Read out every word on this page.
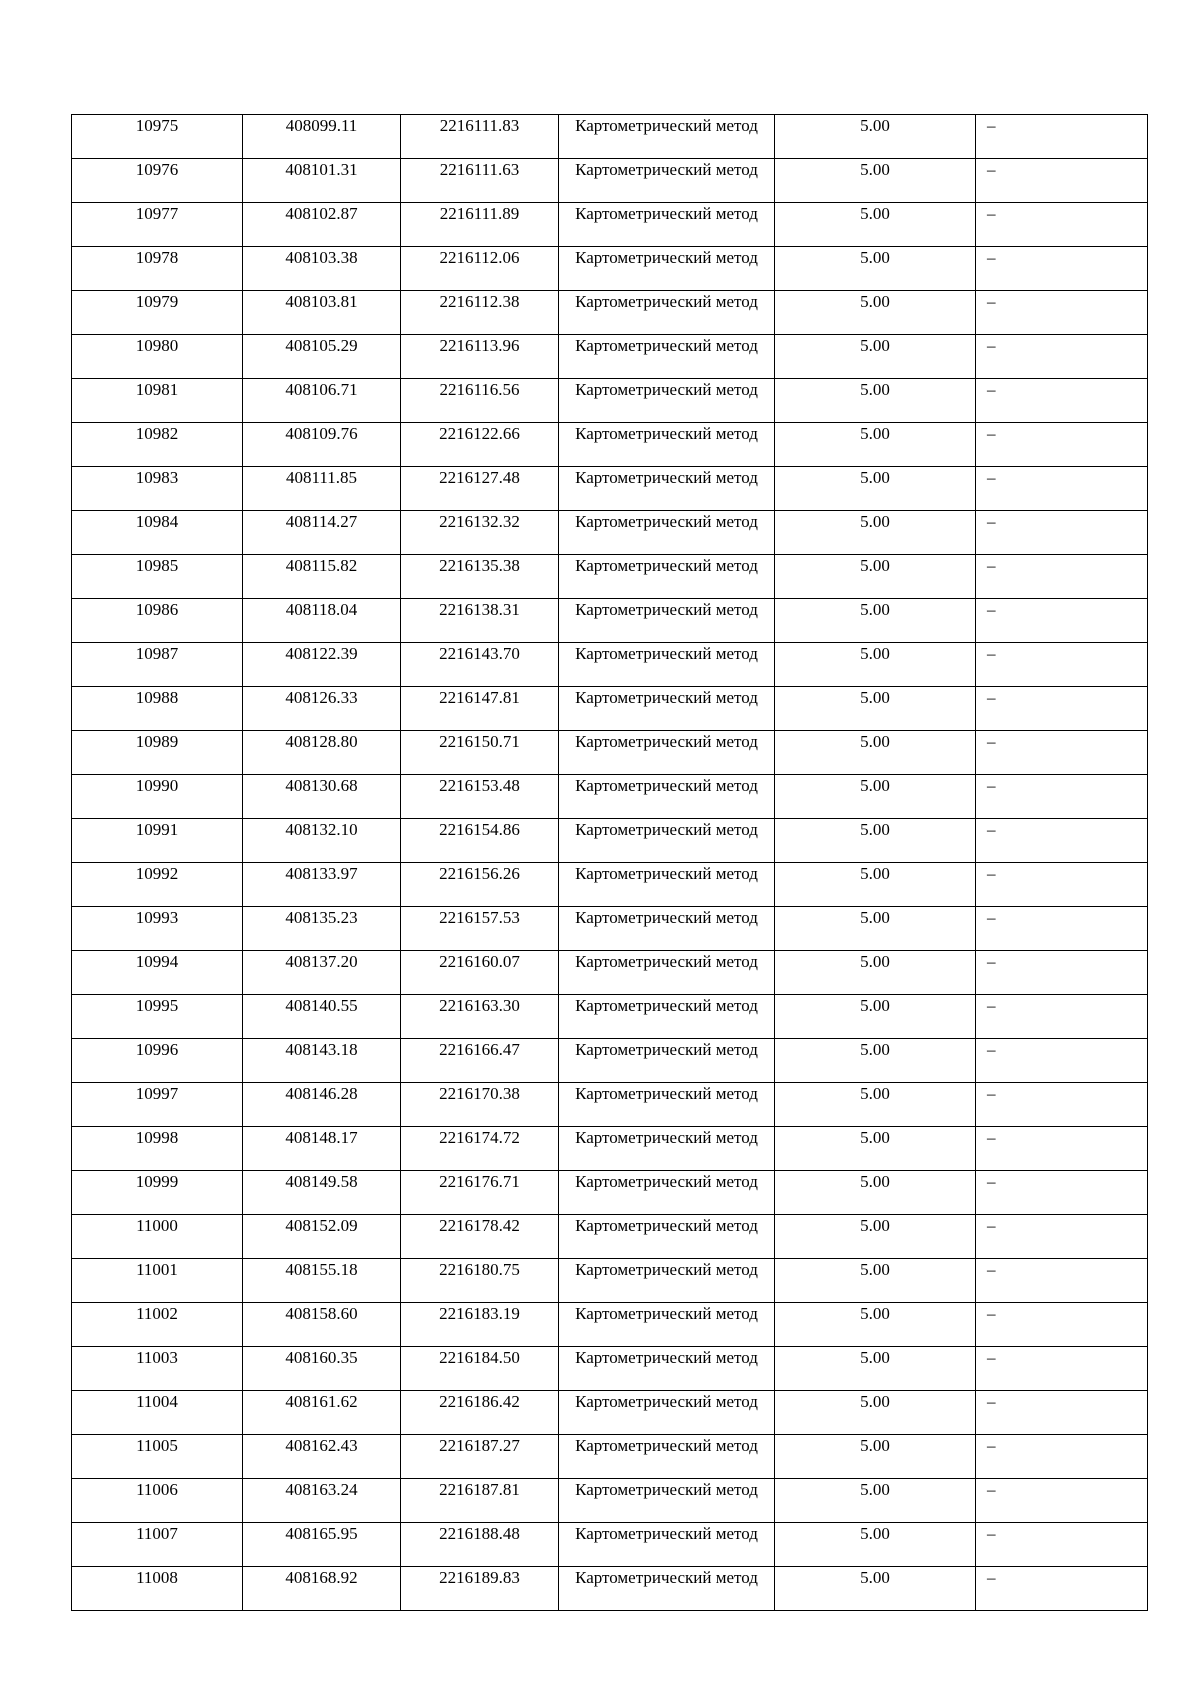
10975	408099.11	2216111.83	Картометрический метод	5.00	–
10976	408101.31	2216111.63	Картометрический метод	5.00	–
10977	408102.87	2216111.89	Картометрический метод	5.00	–
10978	408103.38	2216112.06	Картометрический метод	5.00	–
10979	408103.81	2216112.38	Картометрический метод	5.00	–
10980	408105.29	2216113.96	Картометрический метод	5.00	–
10981	408106.71	2216116.56	Картометрический метод	5.00	–
10982	408109.76	2216122.66	Картометрический метод	5.00	–
10983	408111.85	2216127.48	Картометрический метод	5.00	–
10984	408114.27	2216132.32	Картометрический метод	5.00	–
10985	408115.82	2216135.38	Картометрический метод	5.00	–
10986	408118.04	2216138.31	Картометрический метод	5.00	–
10987	408122.39	2216143.70	Картометрический метод	5.00	–
10988	408126.33	2216147.81	Картометрический метод	5.00	–
10989	408128.80	2216150.71	Картометрический метод	5.00	–
10990	408130.68	2216153.48	Картометрический метод	5.00	–
10991	408132.10	2216154.86	Картометрический метод	5.00	–
10992	408133.97	2216156.26	Картометрический метод	5.00	–
10993	408135.23	2216157.53	Картометрический метод	5.00	–
10994	408137.20	2216160.07	Картометрический метод	5.00	–
10995	408140.55	2216163.30	Картометрический метод	5.00	–
10996	408143.18	2216166.47	Картометрический метод	5.00	–
10997	408146.28	2216170.38	Картометрический метод	5.00	–
10998	408148.17	2216174.72	Картометрический метод	5.00	–
10999	408149.58	2216176.71	Картометрический метод	5.00	–
11000	408152.09	2216178.42	Картометрический метод	5.00	–
11001	408155.18	2216180.75	Картометрический метод	5.00	–
11002	408158.60	2216183.19	Картометрический метод	5.00	–
11003	408160.35	2216184.50	Картометрический метод	5.00	–
11004	408161.62	2216186.42	Картометрический метод	5.00	–
11005	408162.43	2216187.27	Картометрический метод	5.00	–
11006	408163.24	2216187.81	Картометрический метод	5.00	–
11007	408165.95	2216188.48	Картометрический метод	5.00	–
11008	408168.92	2216189.83	Картометрический метод	5.00	–
